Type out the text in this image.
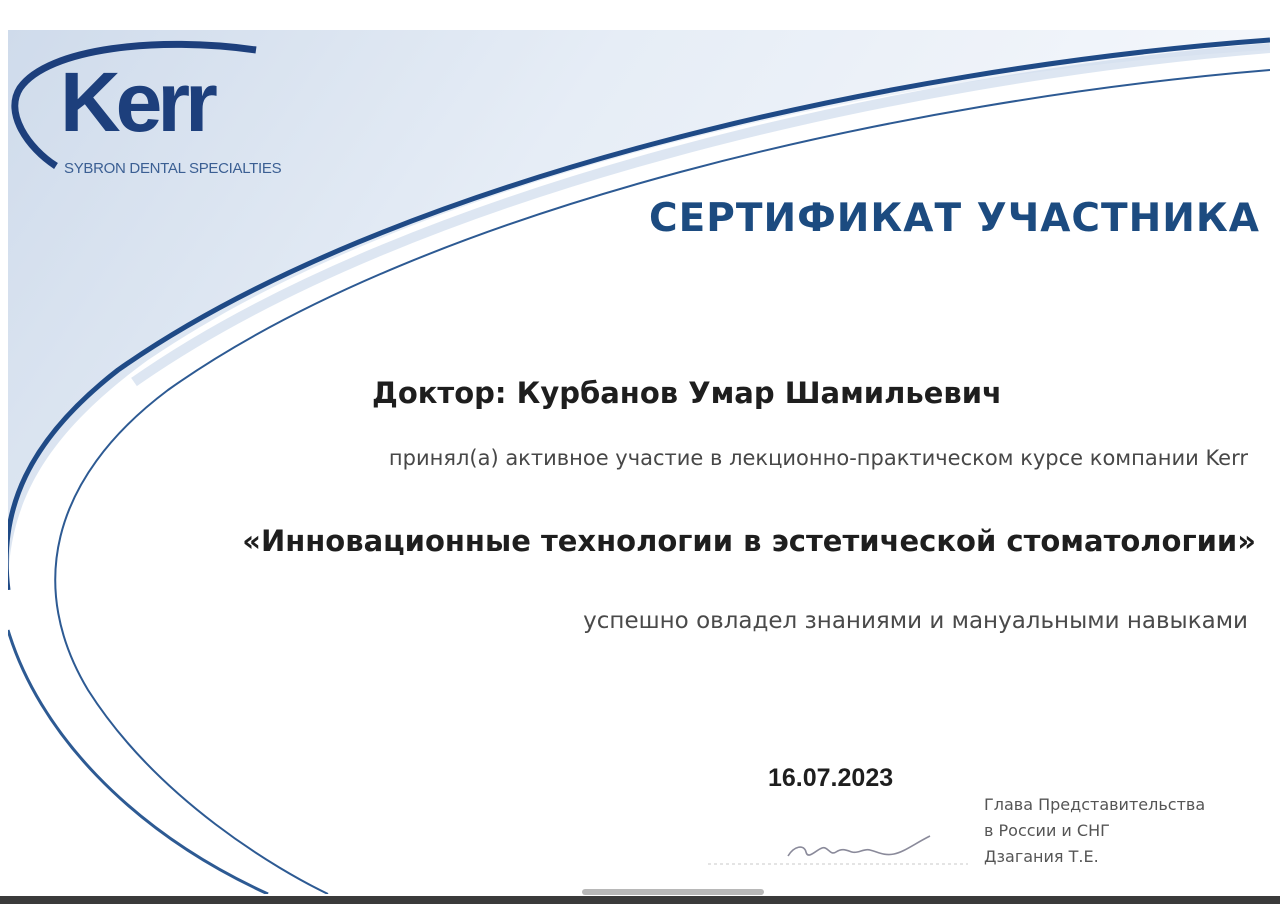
Kerr
SYBRON DENTAL SPECIALTIES
СЕРТИФИКАТ УЧАСТНИКА
Доктор: Курбанов Умар Шамильевич
принял(а) активное участие в лекционно-практическом курсе компании Kerr
«Инновационные технологии в эстетической стоматологии»
успешно овладел знаниями и мануальными навыками
16.07.2023
Глава Представительства
в России и СНГ
Дзагания Т.Е.
